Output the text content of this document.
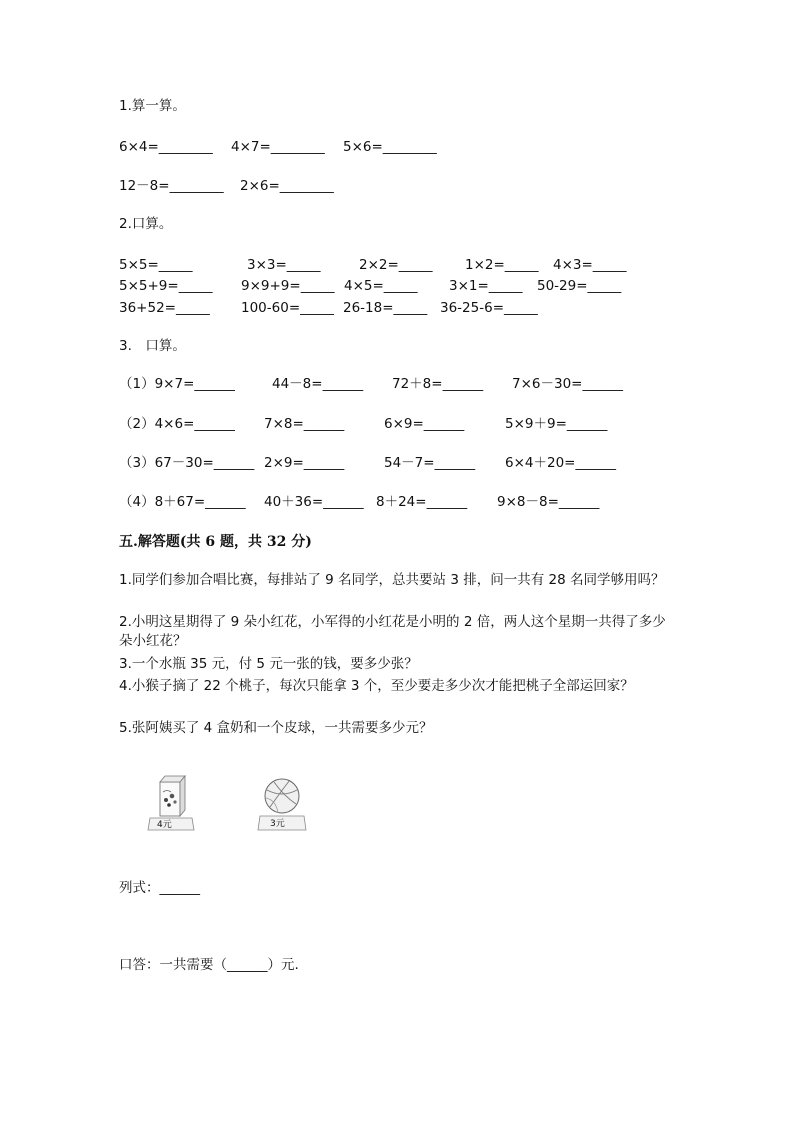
1.算一算。
6×4=________ 4×7=________ 5×6=________
12－8=________ 2×6=________
2.口算。
5×5=_____	3×3=_____	2×2=_____ 1×2=_____ 4×3=_____
5×5+9=_____ 9×9+9=_____ 4×5=_____ 3×1=_____ 50-29=_____
36+52=_____ 100-60=_____ 26-18=_____ 36-25-6=_____
3.　口算。
（1）9×7=______	44－8=______ 72＋8=______ 7×6－30=______
（2）4×6=______ 7×8=______	6×9=______	5×9＋9=______
（3）67－30=______ 2×9=______	54－7=______ 6×4＋20=______
（4）8＋67=______ 40＋36=______ 8＋24=______ 9×8－8=______
五.解答题(共 6 题，共 32 分)
1.同学们参加合唱比赛，每排站了 9 名同学，总共要站 3 排，问一共有 28 名同学够用吗？
2.小明这星期得了 9 朵小红花，小军得的小红花是小明的 2 倍，两人这个星期一共得了多少朵小红花？
3.一个水瓶 35 元，付 5 元一张的钱，要多少张？
4.小猴子摘了 22 个桃子，每次只能拿 3 个，至少要走多少次才能把桃子全部运回家？
5.张阿姨买了 4 盒奶和一个皮球，一共需要多少元？
4元	3元
列式：______
口答：一共需要（______）元.
